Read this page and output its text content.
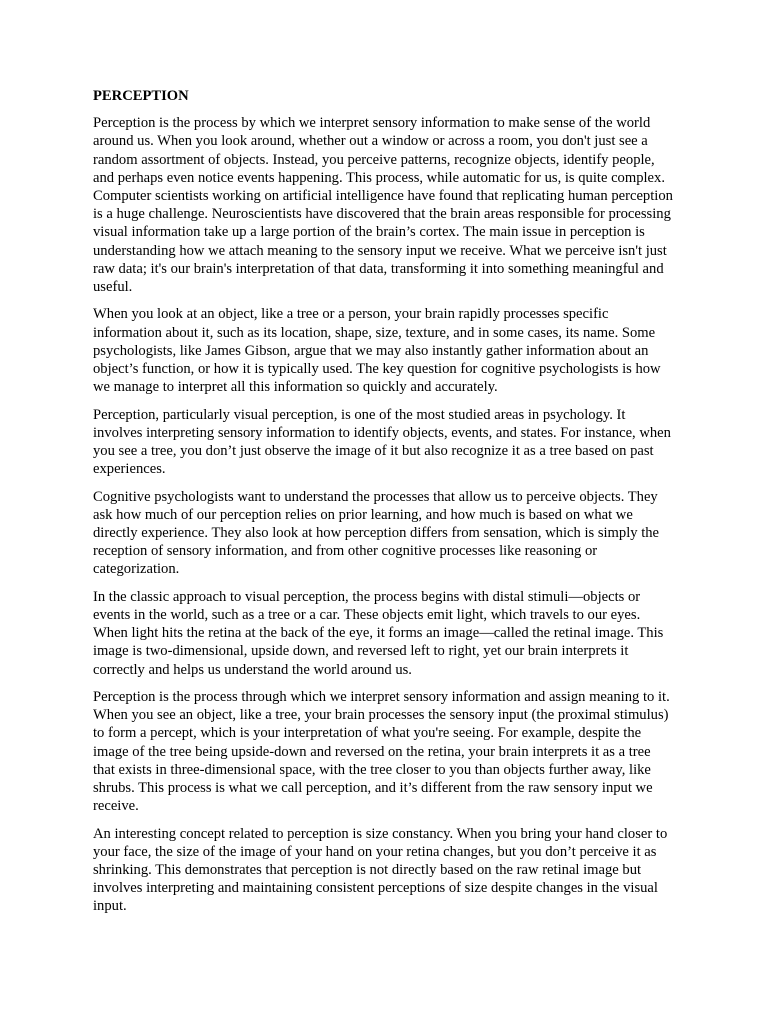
PERCEPTION

Perception is the process by which we interpret sensory information to make sense of the world around us. When you look around, whether out a window or across a room, you don't just see a random assortment of objects. Instead, you perceive patterns, recognize objects, identify people, and perhaps even notice events happening. This process, while automatic for us, is quite complex. Computer scientists working on artificial intelligence have found that replicating human perception is a huge challenge. Neuroscientists have discovered that the brain areas responsible for processing visual information take up a large portion of the brain’s cortex. The main issue in perception is understanding how we attach meaning to the sensory input we receive. What we perceive isn't just raw data; it's our brain's interpretation of that data, transforming it into something meaningful and useful.

When you look at an object, like a tree or a person, your brain rapidly processes specific information about it, such as its location, shape, size, texture, and in some cases, its name. Some psychologists, like James Gibson, argue that we may also instantly gather information about an object’s function, or how it is typically used. The key question for cognitive psychologists is how we manage to interpret all this information so quickly and accurately.

Perception, particularly visual perception, is one of the most studied areas in psychology. It involves interpreting sensory information to identify objects, events, and states. For instance, when you see a tree, you don’t just observe the image of it but also recognize it as a tree based on past experiences.

Cognitive psychologists want to understand the processes that allow us to perceive objects. They ask how much of our perception relies on prior learning, and how much is based on what we directly experience. They also look at how perception differs from sensation, which is simply the reception of sensory information, and from other cognitive processes like reasoning or categorization.

In the classic approach to visual perception, the process begins with distal stimuli—objects or events in the world, such as a tree or a car. These objects emit light, which travels to our eyes. When light hits the retina at the back of the eye, it forms an image—called the retinal image. This image is two-dimensional, upside down, and reversed left to right, yet our brain interprets it correctly and helps us understand the world around us.

Perception is the process through which we interpret sensory information and assign meaning to it. When you see an object, like a tree, your brain processes the sensory input (the proximal stimulus) to form a percept, which is your interpretation of what you're seeing. For example, despite the image of the tree being upside-down and reversed on the retina, your brain interprets it as a tree that exists in three-dimensional space, with the tree closer to you than objects further away, like shrubs. This process is what we call perception, and it’s different from the raw sensory input we receive.

An interesting concept related to perception is size constancy. When you bring your hand closer to your face, the size of the image of your hand on your retina changes, but you don’t perceive it as shrinking. This demonstrates that perception is not directly based on the raw retinal image but involves interpreting and maintaining consistent perceptions of size despite changes in the visual input.
